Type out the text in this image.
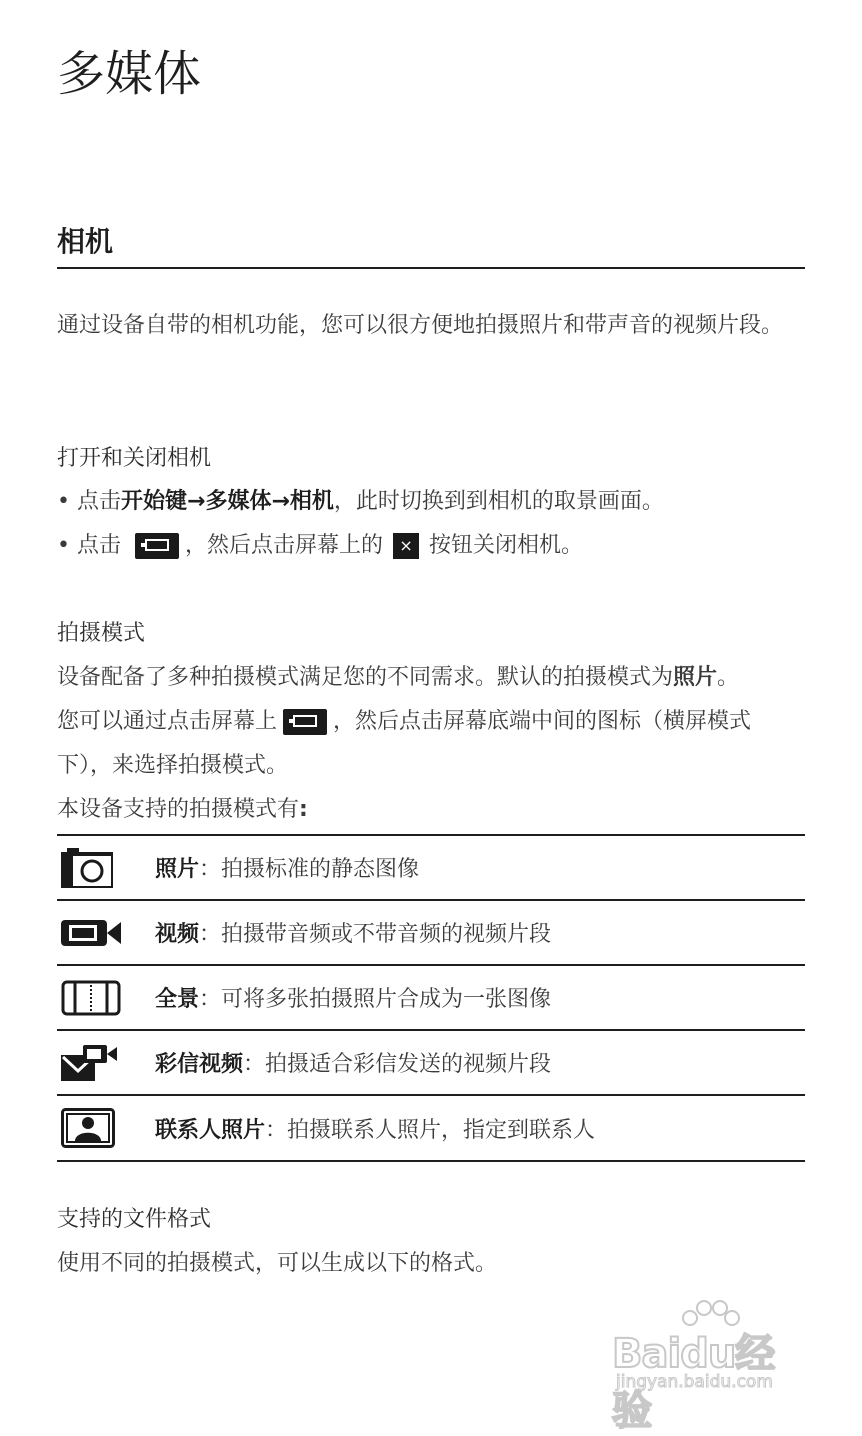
多媒体
相机

通过设备自带的相机功能，您可以很方便地拍摄照片和带声音的视频片段。

打开和关闭相机
• 点击 开始键→多媒体→相机 ，此时切换到到相机的取景画面。
• 点击	，然后点击屏幕上的	× 按钮关闭相机。
拍摄模式
设备配备了多种拍摄模式满足您的不同需求。默认的拍摄模式为照片。
您可以通过点击屏幕上	，然后点击屏幕底端中间的图标（横屏模式下），来选择拍摄模式。
本设备支持的拍摄模式有:
照片：拍摄标准的静态图像
视频：拍摄带音频或不带音频的视频片段
全景：可将多张拍摄照片合成为一张图像
彩信视频：拍摄适合彩信发送的视频片段
联系人照片：拍摄联系人照片，指定到联系人
支持的文件格式
使用不同的拍摄模式，可以生成以下的格式。
Baidu经验
jingyan.baidu.com
